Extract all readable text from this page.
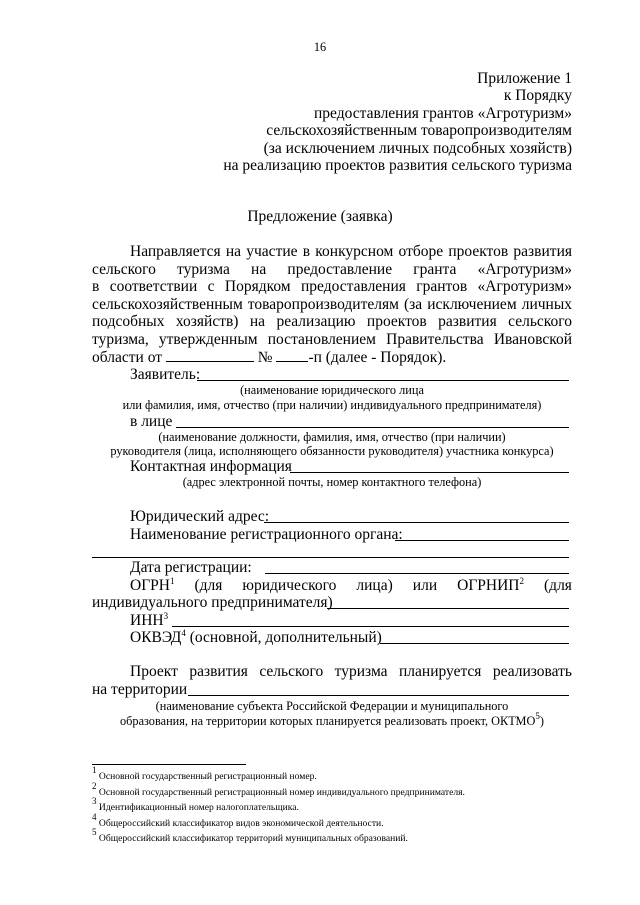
16
Приложение 1
к Порядку
предоставления грантов «Агротуризм»
сельскохозяйственным товаропроизводителям
(за исключением личных подсобных хозяйств)
на реализацию проектов развития сельского туризма
Предложение (заявка)
Направляется на участие в конкурсном отборе проектов развития
сельского туризма на предоставление гранта «Агротуризм»
в соответствии с Порядком предоставления грантов «Агротуризм»
сельскохозяйственным товаропроизводителям (за исключением личных
подсобных хозяйств) на реализацию проектов развития сельского
туризма, утвержденным постановлением Правительства Ивановской
области от	№ -п (далее - Порядок).
Заявитель:
(наименование юридического лица
или фамилия, имя, отчество (при наличии) индивидуального предпринимателя)
в лице
(наименование должности, фамилия, имя, отчество (при наличии)
руководителя (лица, исполняющего обязанности руководителя) участника конкурса)
Контактная информация
(адрес электронной почты, номер контактного телефона)
Юридический адрес:
Наименование регистрационного органа:
Дата регистрации:
ОГРН$^1$ (для юридического лица) или ОГРНИП$^2$ (для
индивидуального предпринимателя)
ИНН$^3$
ОКВЭД$^4$ (основной, дополнительный)
Проект развития сельского туризма планируется реализовать
на территории
(наименование субъекта Российской Федерации и муниципального
образования, на территории которых планируется реализовать проект, ОКТМО$^5$)
$^1$ Основной государственный регистрационный номер.
$^2$ Основной государственный регистрационный номер индивидуального предпринимателя.
$^3$ Идентификационный номер налогоплательщика.
$^4$ Общероссийский классификатор видов экономической деятельности.
$^5$ Общероссийский классификатор территорий муниципальных образований.
